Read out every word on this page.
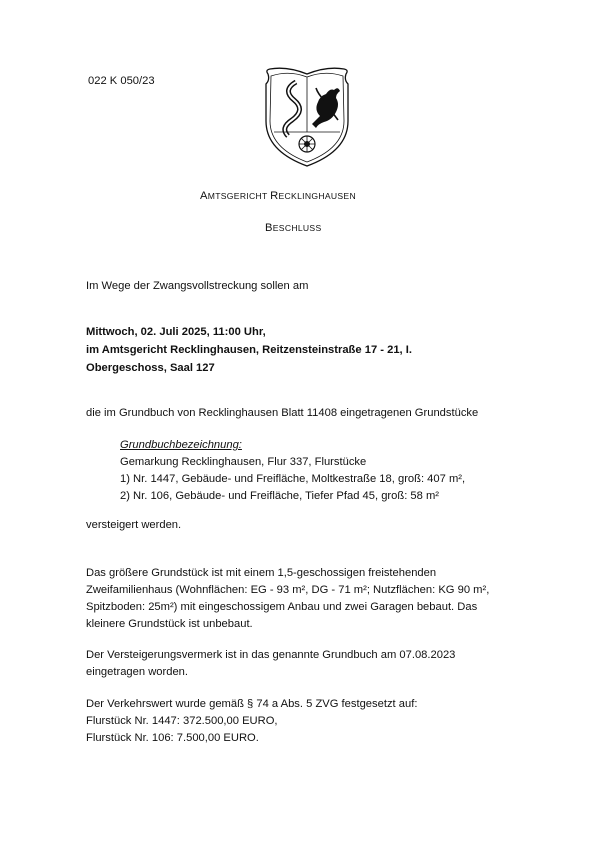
022 K 050/23
AMTSGERICHT RECKLINGHAUSEN
BESCHLUSS
Im Wege der Zwangsvollstreckung sollen am
Mittwoch, 02. Juli 2025, 11:00 Uhr,
im Amtsgericht Recklinghausen, Reitzensteinstraße 17 - 21, I.
Obergeschoss, Saal 127
die im Grundbuch von Recklinghausen Blatt 11408 eingetragenen Grundstücke
Grundbuchbezeichnung:
Gemarkung Recklinghausen, Flur 337, Flurstücke
1) Nr. 1447, Gebäude- und Freifläche, Moltkestraße 18, groß: 407 m²,
2) Nr. 106, Gebäude- und Freifläche, Tiefer Pfad 45, groß: 58 m²
versteigert werden.
Das größere Grundstück ist mit einem 1,5-geschossigen freistehenden
Zweifamilienhaus (Wohnflächen: EG - 93 m², DG - 71 m²; Nutzflächen: KG 90 m²,
Spitzboden: 25m²) mit eingeschossigem Anbau und zwei Garagen bebaut. Das
kleinere Grundstück ist unbebaut.
Der Versteigerungsvermerk ist in das genannte Grundbuch am 07.08.2023
eingetragen worden.
Der Verkehrswert wurde gemäß § 74 a Abs. 5 ZVG festgesetzt auf:
Flurstück Nr. 1447: 372.500,00 EURO,
Flurstück Nr. 106: 7.500,00 EURO.
